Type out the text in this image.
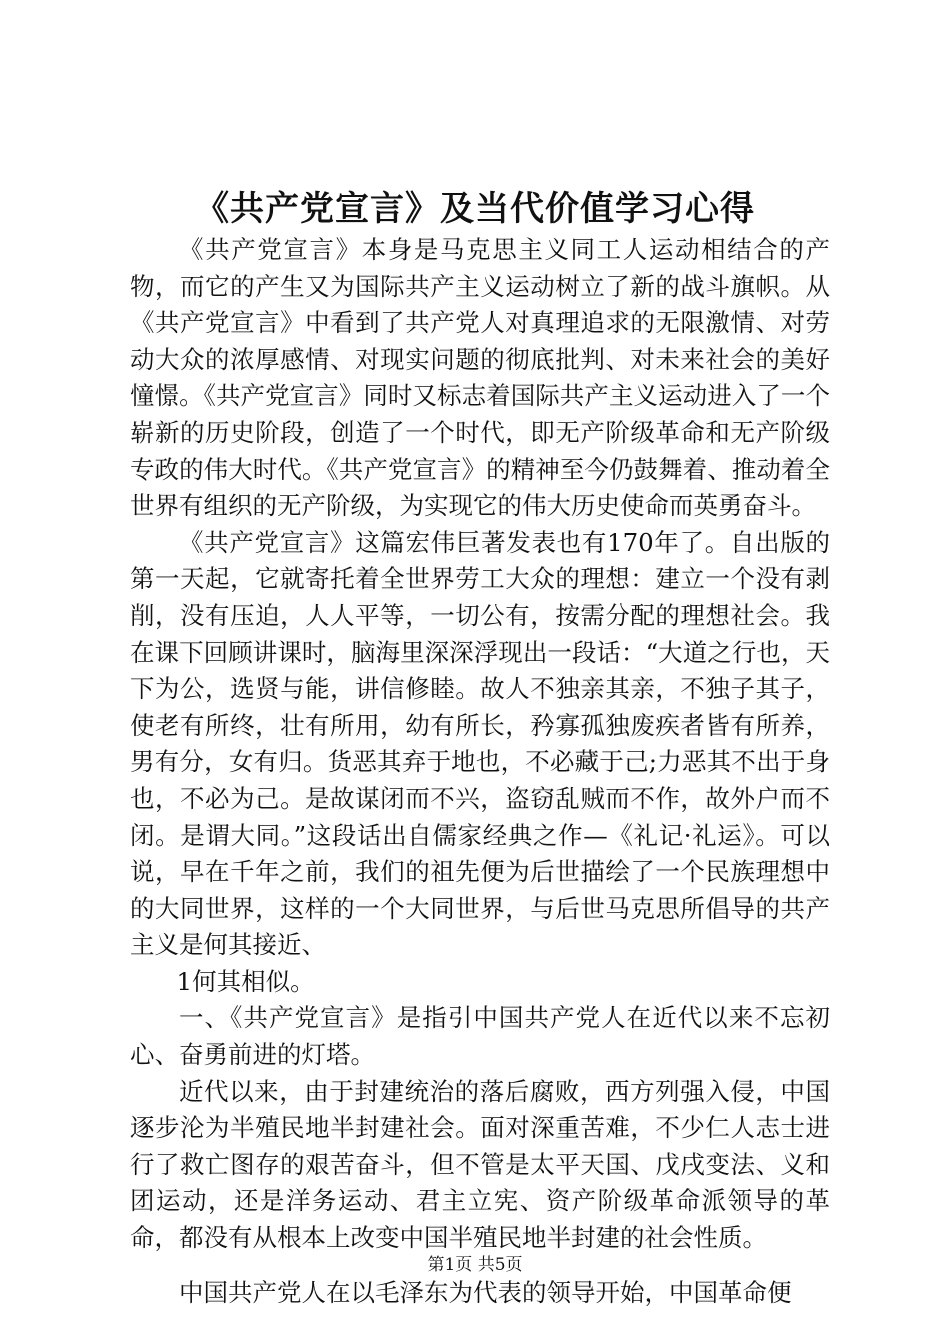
《共产党宣言》及当代价值学习心得

《共产党宣言》本身是马克思主义同工人运动相结合的产物，而它的产生又为国际共产主义运动树立了新的战斗旗帜。从《共产党宣言》中看到了共产党人对真理追求的无限激情、对劳动大众的浓厚感情、对现实问题的彻底批判、对未来社会的美好憧憬。《共产党宣言》同时又标志着国际共产主义运动进入了一个崭新的历史阶段，创造了一个时代，即无产阶级革命和无产阶级专政的伟大时代。《共产党宣言》的精神至今仍鼓舞着、推动着全世界有组织的无产阶级，为实现它的伟大历史使命而英勇奋斗。

《共产党宣言》这篇宏伟巨著发表也有170年了。自出版的第一天起，它就寄托着全世界劳工大众的理想：建立一个没有剥削，没有压迫，人人平等，一切公有，按需分配的理想社会。我在课下回顾讲课时，脑海里深深浮现出一段话：“大道之行也，天下为公，选贤与能，讲信修睦。故人不独亲其亲，不独子其子，使老有所终，壮有所用，幼有所长，矜寡孤独废疾者皆有所养，男有分，女有归。货恶其弃于地也，不必藏于己;力恶其不出于身也，不必为己。是故谋闭而不兴，盗窃乱贼而不作，故外户而不闭。是谓大同。”这段话出自儒家经典之作—《礼记·礼运》。可以说，早在千年之前，我们的祖先便为后世描绘了一个民族理想中的大同世界，这样的一个大同世界，与后世马克思所倡导的共产主义是何其接近、

1何其相似。

一、《共产党宣言》是指引中国共产党人在近代以来不忘初心、奋勇前进的灯塔。

近代以来，由于封建统治的落后腐败，西方列强入侵，中国逐步沦为半殖民地半封建社会。面对深重苦难，不少仁人志士进行了救亡图存的艰苦奋斗，但不管是太平天国、戊戌变法、义和团运动，还是洋务运动、君主立宪、资产阶级革命派领导的革命，都没有从根本上改变中国半殖民地半封建的社会性质。

中国共产党人在以毛泽东为代表的领导开始，中国革命便

第1页 共5页
